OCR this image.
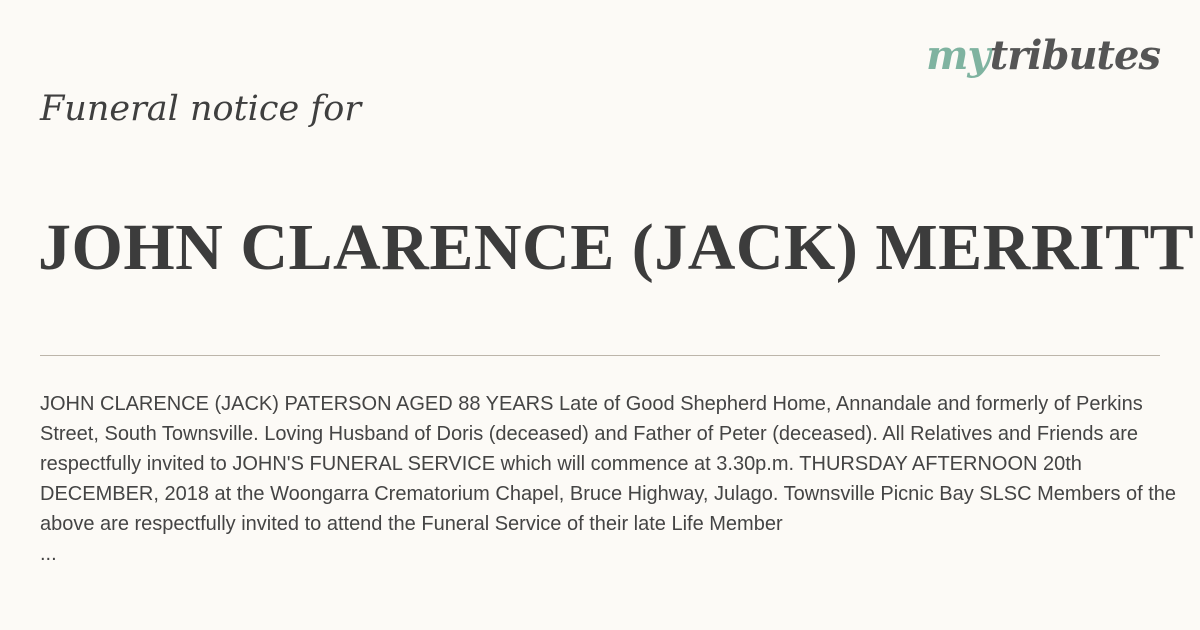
mytributes
Funeral notice for
JOHN CLARENCE (JACK) MERRITT
JOHN CLARENCE (JACK) PATERSON AGED 88 YEARS Late of Good Shepherd Home, Annandale and formerly of Perkins Street, South Townsville. Loving Husband of Doris (deceased) and Father of Peter (deceased). All Relatives and Friends are respectfully invited to JOHN'S FUNERAL SERVICE which will commence at 3.30p.m. THURSDAY AFTERNOON 20th DECEMBER, 2018 at the Woongarra Crematorium Chapel, Bruce Highway, Julago. Townsville Picnic Bay SLSC Members of the above are respectfully invited to attend the Funeral Service of their late Life Member
...
